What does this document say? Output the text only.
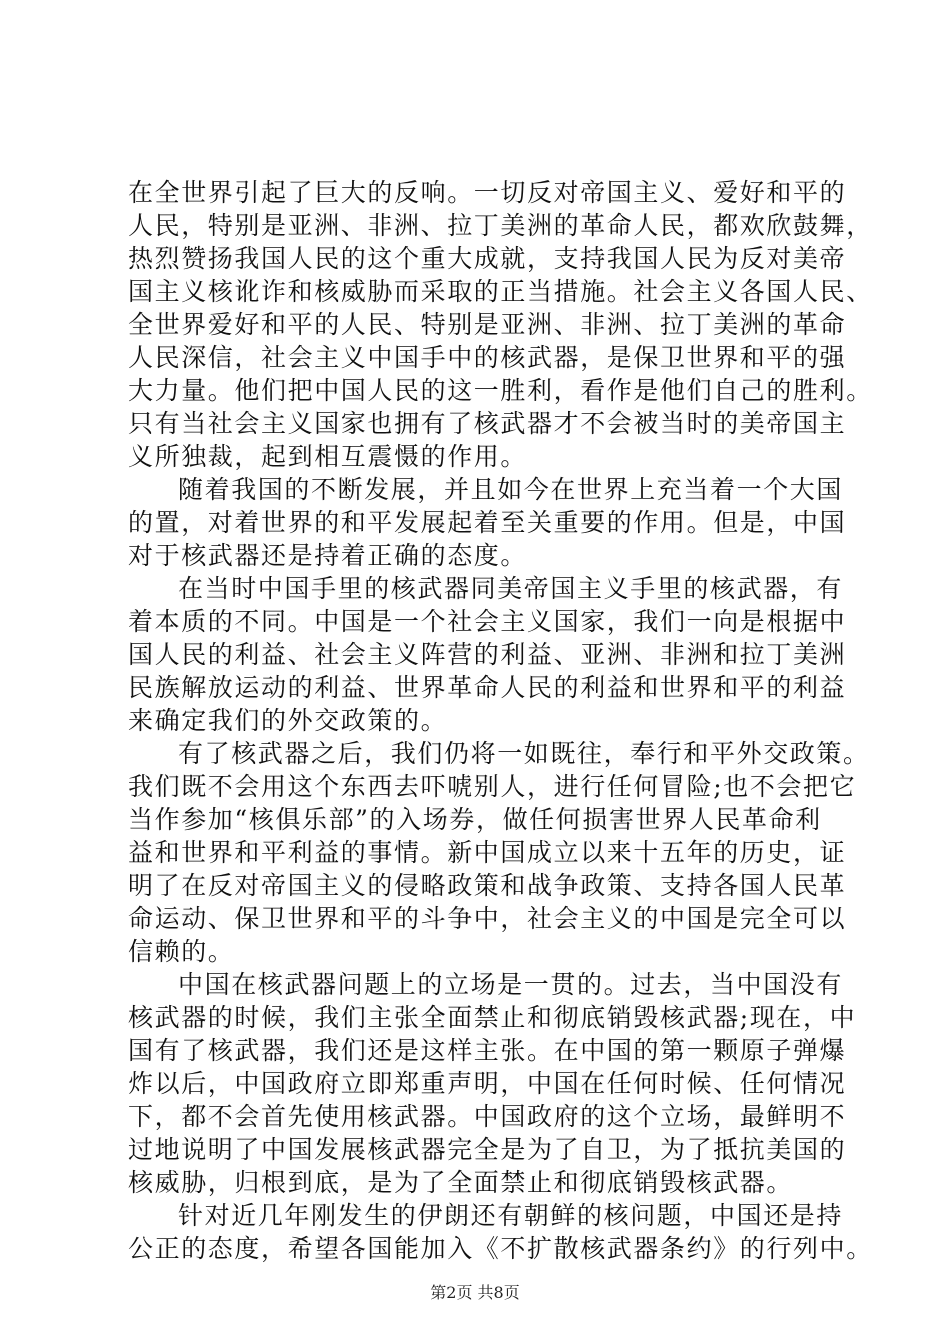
在全世界引起了巨大的反响。一切反对帝国主义、爱好和平的
人民，特别是亚洲、非洲、拉丁美洲的革命人民，都欢欣鼓舞，
热烈赞扬我国人民的这个重大成就，支持我国人民为反对美帝
国主义核讹诈和核威胁而采取的正当措施。社会主义各国人民、
全世界爱好和平的人民、特别是亚洲、非洲、拉丁美洲的革命
人民深信，社会主义中国手中的核武器，是保卫世界和平的强
大力量。他们把中国人民的这一胜利，看作是他们自己的胜利。
只有当社会主义国家也拥有了核武器才不会被当时的美帝国主
义所独裁，起到相互震慑的作用。
随着我国的不断发展，并且如今在世界上充当着一个大国
的置，对着世界的和平发展起着至关重要的作用。但是，中国
对于核武器还是持着正确的态度。
在当时中国手里的核武器同美帝国主义手里的核武器，有
着本质的不同。中国是一个社会主义国家，我们一向是根据中
国人民的利益、社会主义阵营的利益、亚洲、非洲和拉丁美洲
民族解放运动的利益、世界革命人民的利益和世界和平的利益
来确定我们的外交政策的。
有了核武器之后，我们仍将一如既往，奉行和平外交政策。
我们既不会用这个东西去吓唬别人，进行任何冒险;也不会把它
当作参加“核俱乐部”的入场券，做任何损害世界人民革命利
益和世界和平利益的事情。新中国成立以来十五年的历史，证
明了在反对帝国主义的侵略政策和战争政策、支持各国人民革
命运动、保卫世界和平的斗争中，社会主义的中国是完全可以
信赖的。
中国在核武器问题上的立场是一贯的。过去，当中国没有
核武器的时候，我们主张全面禁止和彻底销毁核武器;现在，中
国有了核武器，我们还是这样主张。在中国的第一颗原子弹爆
炸以后，中国政府立即郑重声明，中国在任何时候、任何情况
下，都不会首先使用核武器。中国政府的这个立场，最鲜明不
过地说明了中国发展核武器完全是为了自卫，为了抵抗美国的
核威胁，归根到底，是为了全面禁止和彻底销毁核武器。
针对近几年刚发生的伊朗还有朝鲜的核问题，中国还是持
公正的态度，希望各国能加入《不扩散核武器条约》的行列中。
第2页 共8页
